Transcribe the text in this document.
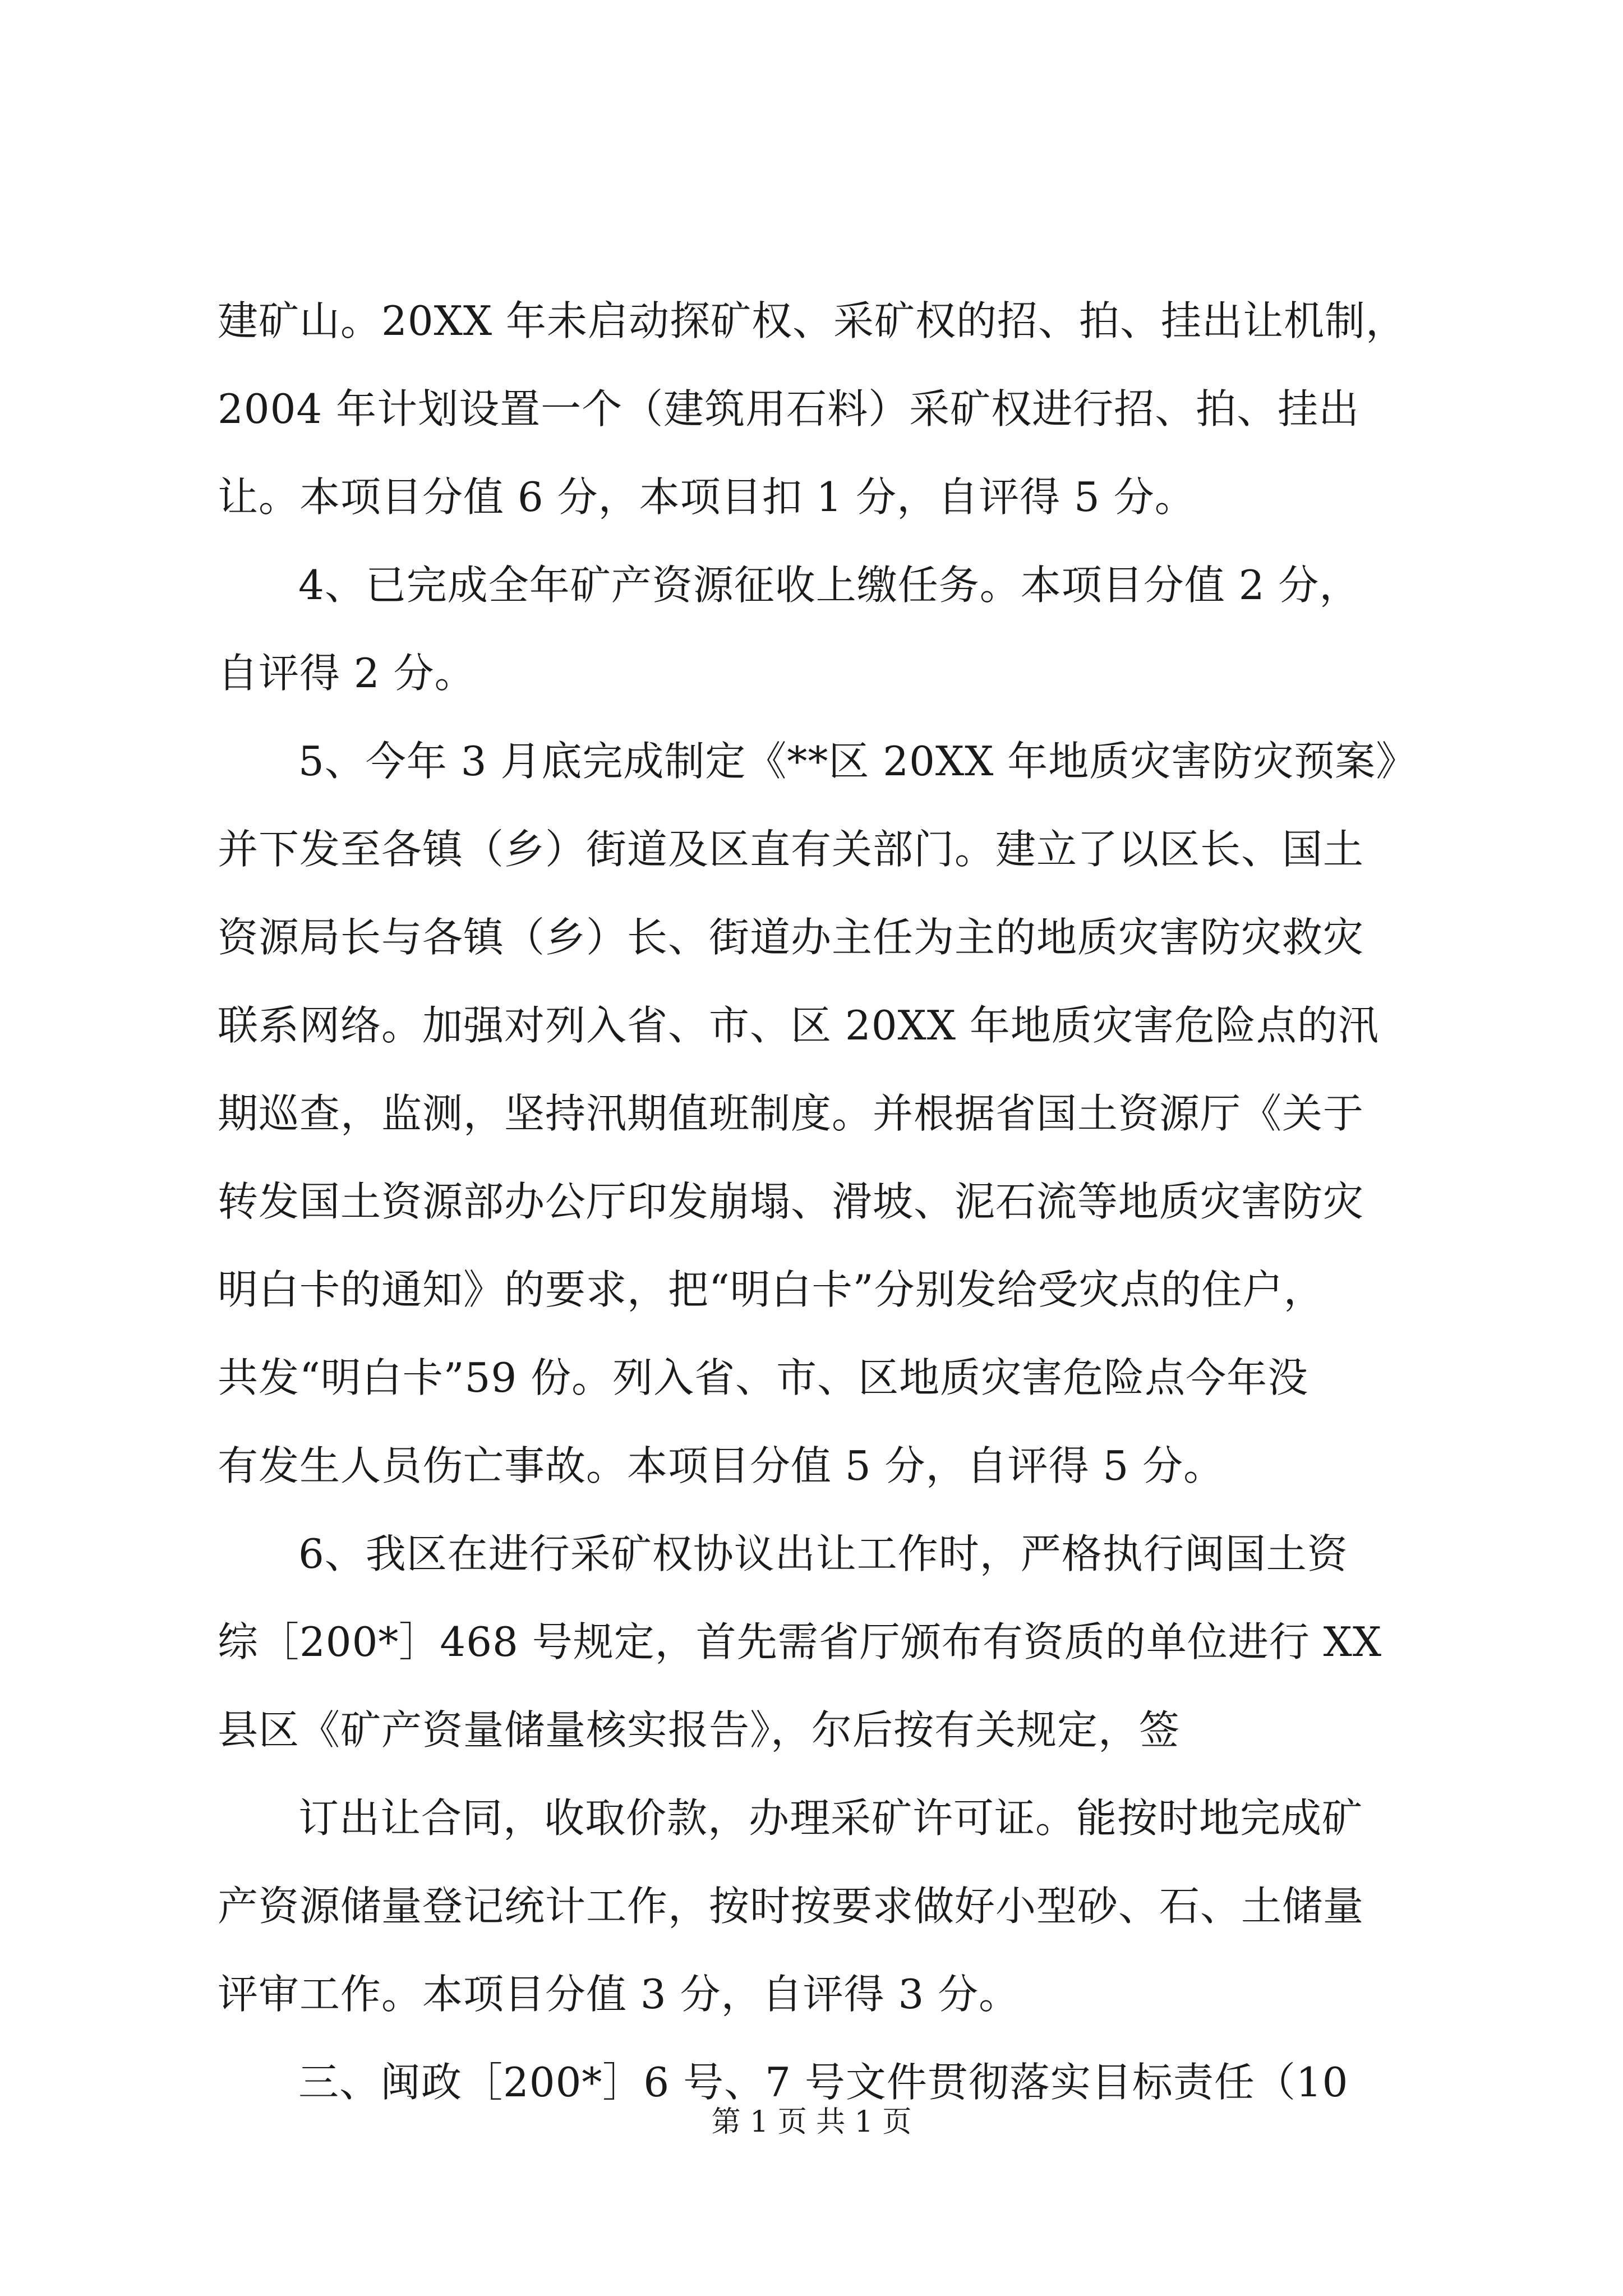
建矿山。20XX 年未启动探矿权、采矿权的招、拍、挂出让机制，
2004 年计划设置一个（建筑用石料）采矿权进行招、拍、挂出
让。本项目分值 6 分，本项目扣 1 分，自评得 5 分。
4、已完成全年矿产资源征收上缴任务。本项目分值 2 分，
自评得 2 分。
5、今年 3 月底完成制定《**区 20XX 年地质灾害防灾预案》
并下发至各镇（乡）街道及区直有关部门。建立了以区长、国土
资源局长与各镇（乡）长、街道办主任为主的地质灾害防灾救灾
联系网络。加强对列入省、市、区 20XX 年地质灾害危险点的汛
期巡查，监测，坚持汛期值班制度。并根据省国土资源厅《关于
转发国土资源部办公厅印发崩塌、滑坡、泥石流等地质灾害防灾
明白卡的通知》的要求，把“明白卡”分别发给受灾点的住户，
共发“明白卡”59 份。列入省、市、区地质灾害危险点今年没
有发生人员伤亡事故。本项目分值 5 分，自评得 5 分。
6、我区在进行采矿权协议出让工作时，严格执行闽国土资
综［200*］468 号规定，首先需省厅颁布有资质的单位进行 XX
县区《矿产资量储量核实报告》，尔后按有关规定，签
订出让合同，收取价款，办理采矿许可证。能按时地完成矿
产资源储量登记统计工作，按时按要求做好小型砂、石、土储量
评审工作。本项目分值 3 分，自评得 3 分。
三、闽政［200*］6 号、7 号文件贯彻落实目标责任（10
第 1 页 共 1 页
